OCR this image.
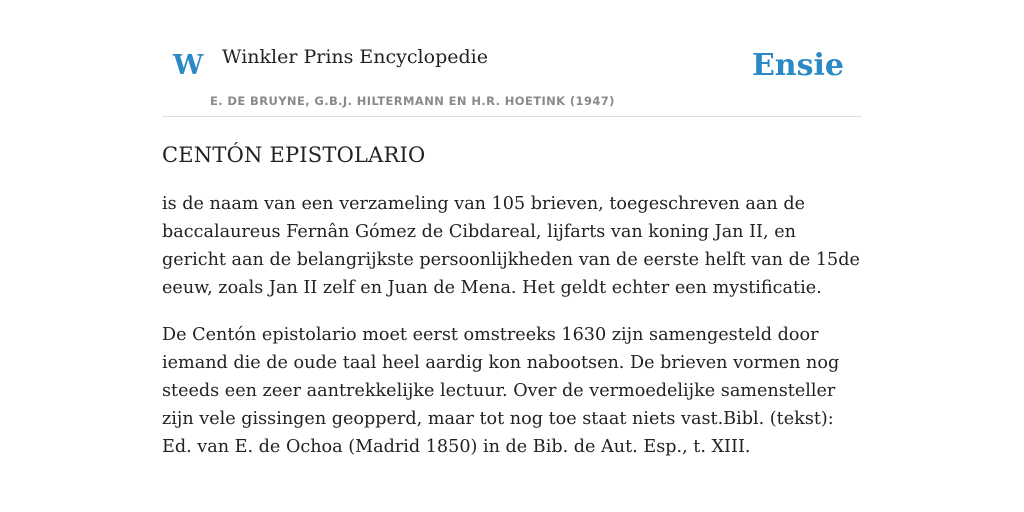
W Winkler Prins Encyclopedie
E. DE BRUYNE, G.B.J. HILTERMANN EN H.R. HOETINK (1947)
Ensie
CENTÓN EPISTOLARIO

is de naam van een verzameling van 105 brieven, toegeschreven aan de baccalaureus Fernân Gómez de Cibdareal, lijfarts van koning Jan II, en gericht aan de belangrijkste persoonlijkheden van de eerste helft van de 15de eeuw, zoals Jan II zelf en Juan de Mena. Het geldt echter een mystificatie.

De Centón epistolario moet eerst omstreeks 1630 zijn samengesteld door iemand die de oude taal heel aardig kon nabootsen. De brieven vormen nog steeds een zeer aantrekkelijke lectuur. Over de vermoedelijke samensteller zijn vele gissingen geopperd, maar tot nog toe staat niets vast.Bibl. (tekst): Ed. van E. de Ochoa (Madrid 1850) in de Bib. de Aut. Esp., t. XIII.
